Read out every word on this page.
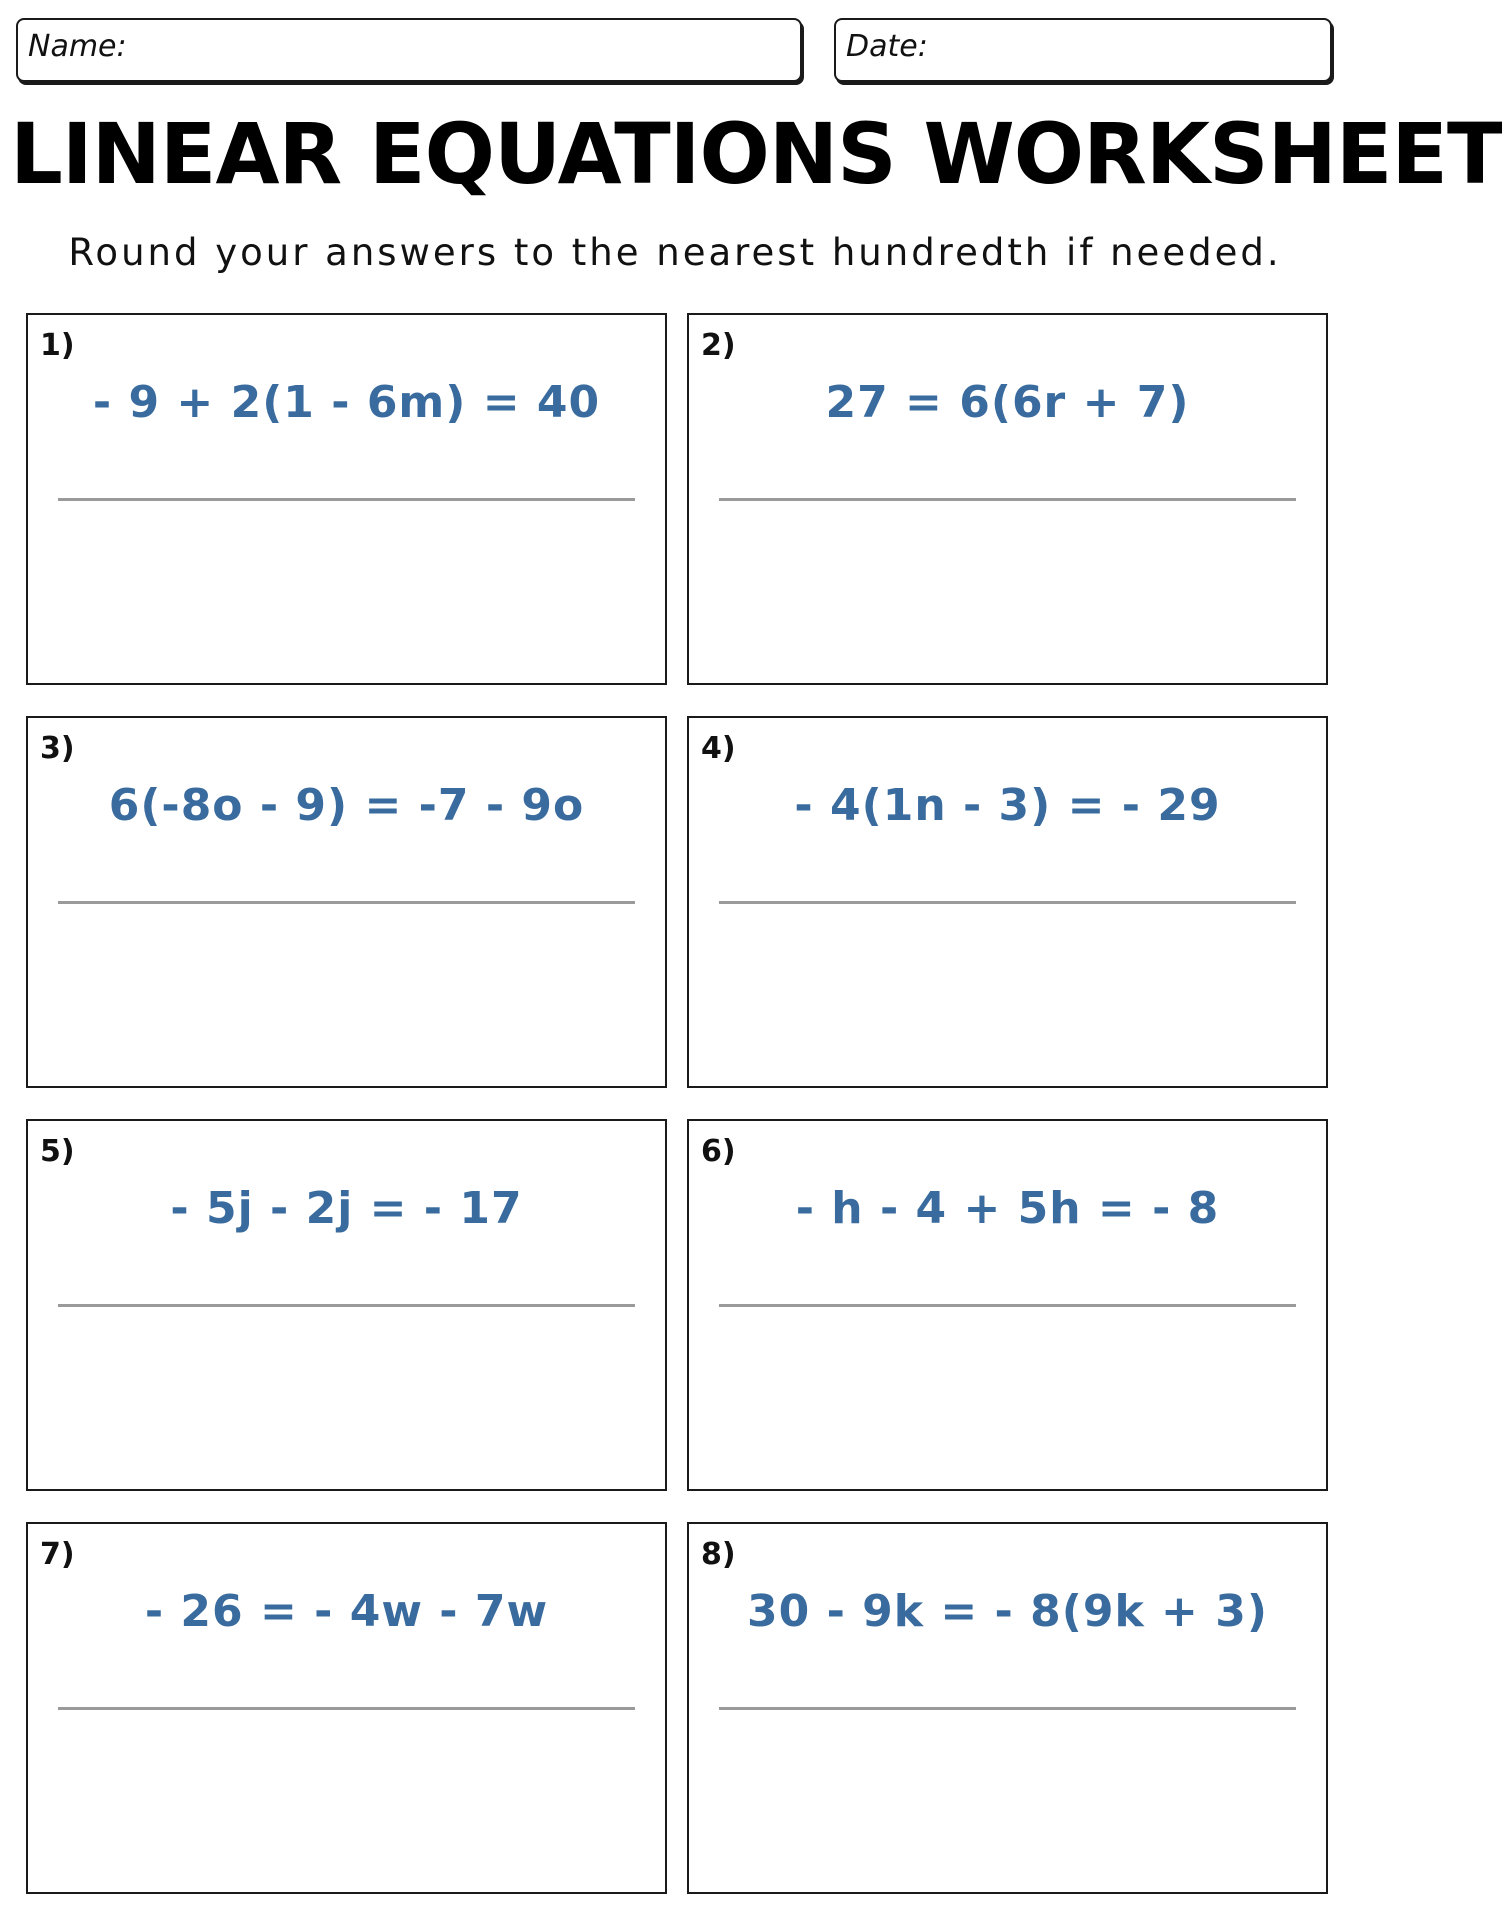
Name:	Date:
LINEAR EQUATIONS WORKSHEET
Round your answers to the nearest hundredth if needed.
1)
- 9 + 2(1 - 6m) = 40
2)
27 = 6(6r + 7)
3)
6(-8o - 9) = -7 - 9o
4)
- 4(1n - 3) = - 29
5)
- 5j - 2j = - 17
6)
- h - 4 + 5h = - 8
7)
- 26 = - 4w - 7w
8)
30 - 9k = - 8(9k + 3)
